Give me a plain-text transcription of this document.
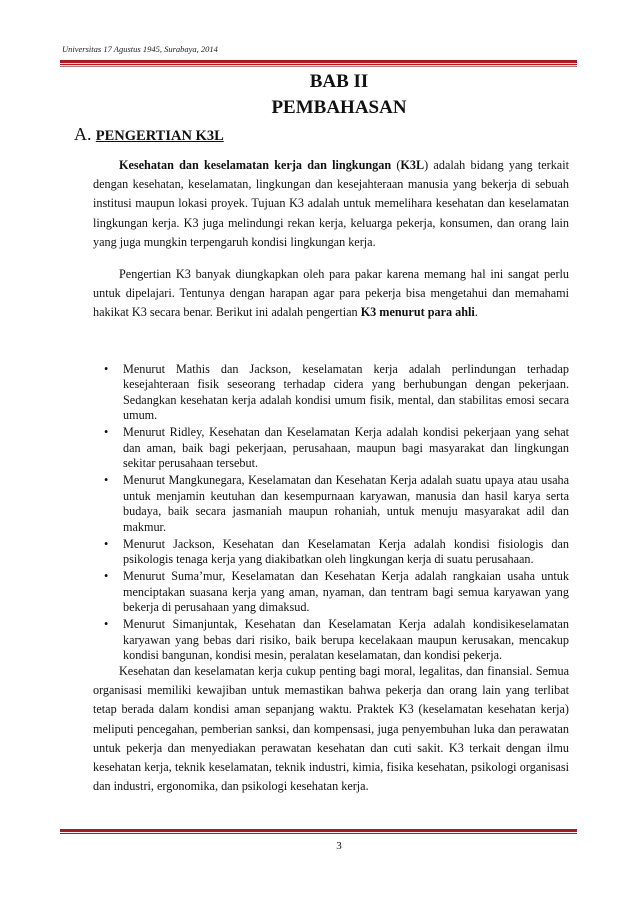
Universitas 17 Agustus 1945, Surabaya, 2014
BAB II
PEMBAHASAN
A. PENGERTIAN K3L

Kesehatan dan keselamatan kerja dan lingkungan (K3L) adalah bidang yang terkait dengan kesehatan, keselamatan, lingkungan dan kesejahteraan manusia yang bekerja di sebuah institusi maupun lokasi proyek. Tujuan K3 adalah untuk memelihara kesehatan dan keselamatan lingkungan kerja. K3 juga melindungi rekan kerja, keluarga pekerja, konsumen, dan orang lain yang juga mungkin terpengaruh kondisi lingkungan kerja.

Pengertian K3 banyak diungkapkan oleh para pakar karena memang hal ini sangat perlu untuk dipelajari. Tentunya dengan harapan agar para pekerja bisa mengetahui dan memahami hakikat K3 secara benar. Berikut ini adalah pengertian K3 menurut para ahli.

• Menurut Mathis dan Jackson, keselamatan kerja adalah perlindungan terhadap kesejahteraan fisik seseorang terhadap cidera yang berhubungan dengan pekerjaan. Sedangkan kesehatan kerja adalah kondisi umum fisik, mental, dan stabilitas emosi secara umum.
• Menurut Ridley, Kesehatan dan Keselamatan Kerja adalah kondisi pekerjaan yang sehat dan aman, baik bagi pekerjaan, perusahaan, maupun bagi masyarakat dan lingkungan sekitar perusahaan tersebut.
• Menurut Mangkunegara, Keselamatan dan Kesehatan Kerja adalah suatu upaya atau usaha untuk menjamin keutuhan dan kesempurnaan karyawan, manusia dan hasil karya serta budaya, baik secara jasmaniah maupun rohaniah, untuk menuju masyarakat adil dan makmur.
• Menurut Jackson, Kesehatan dan Keselamatan Kerja adalah kondisi fisiologis dan psikologis tenaga kerja yang diakibatkan oleh lingkungan kerja di suatu perusahaan.
• Menurut Suma’mur, Keselamatan dan Kesehatan Kerja adalah rangkaian usaha untuk menciptakan suasana kerja yang aman, nyaman, dan tentram bagi semua karyawan yang bekerja di perusahaan yang dimaksud.
• Menurut Simanjuntak, Kesehatan dan Keselamatan Kerja adalah kondisikeselamatan karyawan yang bebas dari risiko, baik berupa kecelakaan maupun kerusakan, mencakup kondisi bangunan, kondisi mesin, peralatan keselamatan, dan kondisi pekerja.

Kesehatan dan keselamatan kerja cukup penting bagi moral, legalitas, dan finansial. Semua organisasi memiliki kewajiban untuk memastikan bahwa pekerja dan orang lain yang terlibat tetap berada dalam kondisi aman sepanjang waktu. Praktek K3 (keselamatan kesehatan kerja) meliputi pencegahan, pemberian sanksi, dan kompensasi, juga penyembuhan luka dan perawatan untuk pekerja dan menyediakan perawatan kesehatan dan cuti sakit. K3 terkait dengan ilmu kesehatan kerja, teknik keselamatan, teknik industri, kimia, fisika kesehatan, psikologi organisasi dan industri, ergonomika, dan psikologi kesehatan kerja.

3
